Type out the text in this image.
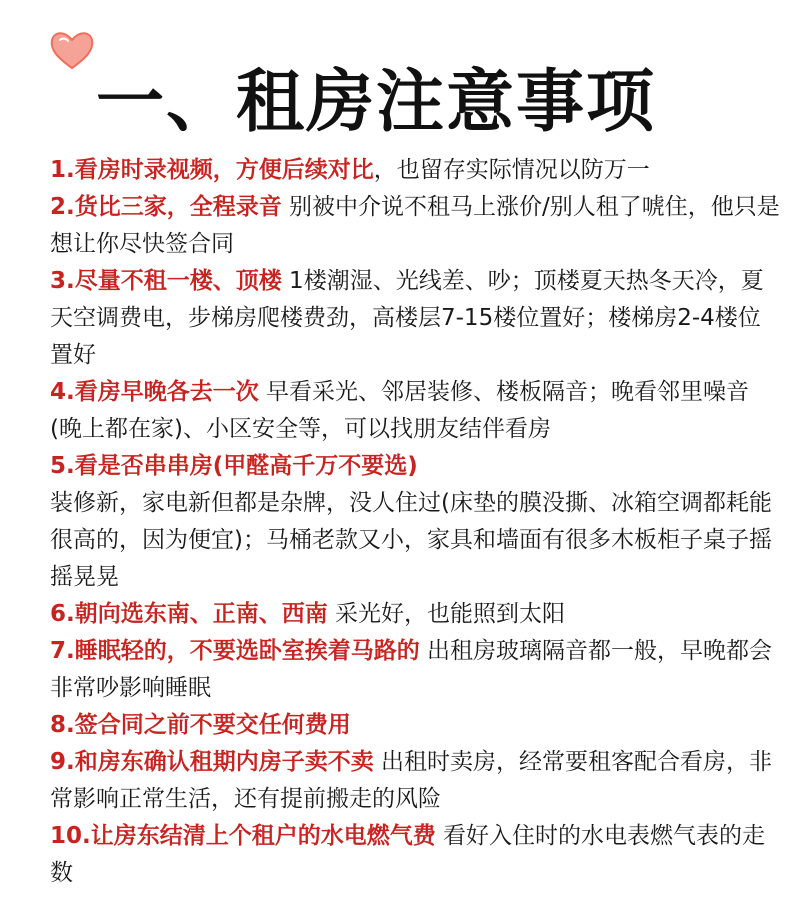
一、租房注意事项
1.看房时录视频，方便后续对比，也留存实际情况以防万一
2.货比三家，全程录音 别被中介说不租马上涨价/别人租了唬住，他只是想让你尽快签合同
3.尽量不租一楼、顶楼 1楼潮湿、光线差、吵；顶楼夏天热冬天冷，夏天空调费电，步梯房爬楼费劲，高楼层7-15楼位置好；楼梯房2-4楼位置好
4.看房早晚各去一次 早看采光、邻居装修、楼板隔音；晚看邻里噪音(晚上都在家)、小区安全等，可以找朋友结伴看房
5.看是否串串房(甲醛高千万不要选)
装修新，家电新但都是杂牌，没人住过(床垫的膜没撕、冰箱空调都耗能很高的，因为便宜)；马桶老款又小，家具和墙面有很多木板柜子桌子摇摇晃晃
6.朝向选东南、正南、西南 采光好，也能照到太阳
7.睡眠轻的，不要选卧室挨着马路的 出租房玻璃隔音都一般，早晚都会非常吵影响睡眠
8.签合同之前不要交任何费用
9.和房东确认租期内房子卖不卖 出租时卖房，经常要租客配合看房，非常影响正常生活，还有提前搬走的风险
10.让房东结清上个租户的水电燃气费 看好入住时的水电表燃气表的走数
